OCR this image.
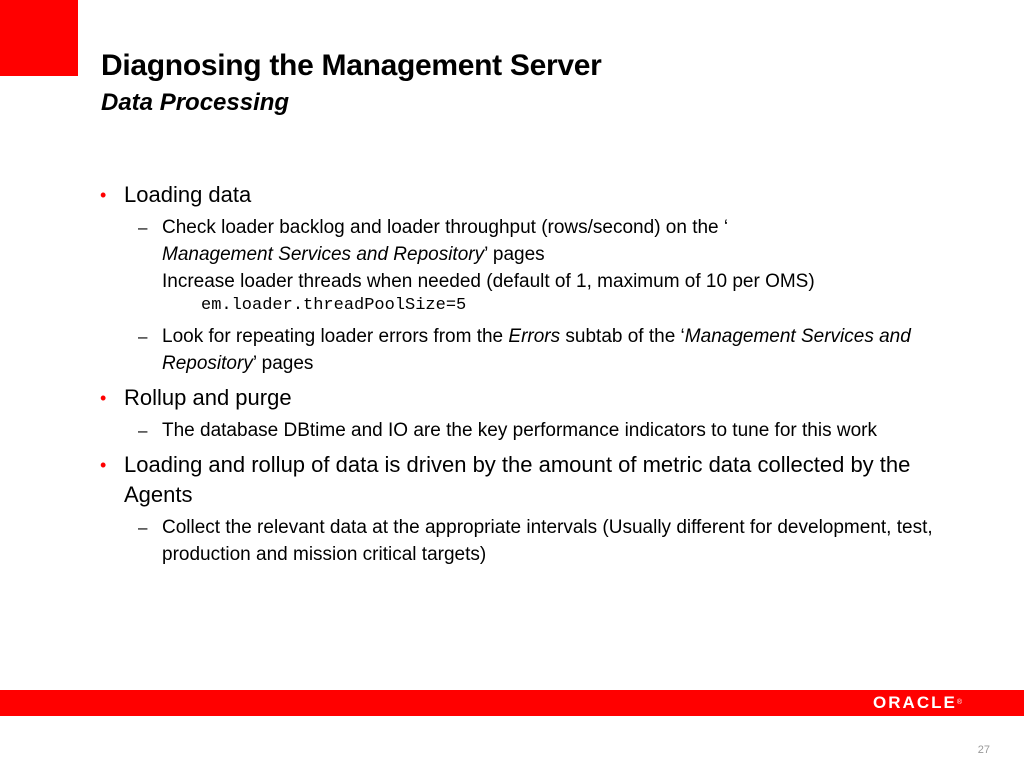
Diagnosing the Management Server
Data Processing
• Loading data
– Check loader backlog and loader throughput (rows/second) on the ‘
Management Services and Repository’ pages
Increase loader threads when needed (default of 1, maximum of 10 per OMS)
em.loader.threadPoolSize=5
– Look for repeating loader errors from the Errors subtab of the ‘Management Services and Repository’ pages
• Rollup and purge
– The database DBtime and IO are the key performance indicators to tune for this work
• Loading and rollup of data is driven by the amount of metric data collected by the Agents
– Collect the relevant data at the appropriate intervals (Usually different for development, test, production and mission critical targets)
ORACLE®
27
